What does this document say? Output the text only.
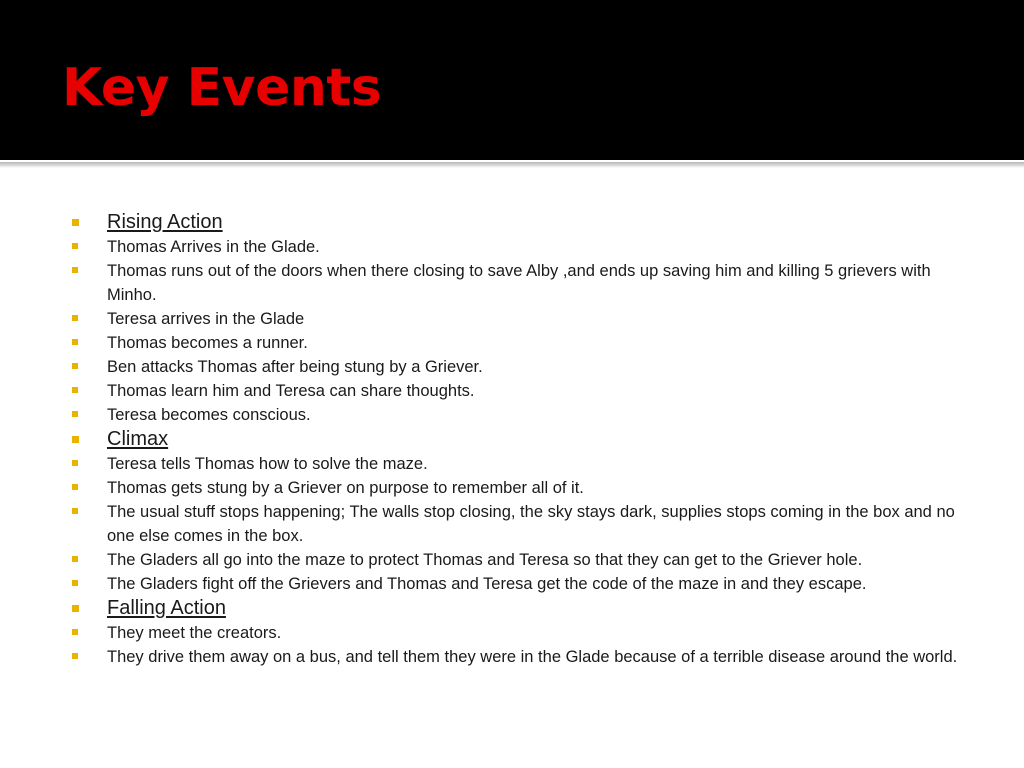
Key Events
Rising Action
Thomas Arrives in the Glade.
Thomas runs out of the doors when there closing to save Alby ,and ends up saving him and killing 5 grievers with Minho.
Teresa arrives in the Glade
Thomas becomes a runner.
Ben attacks Thomas after being stung by a Griever.
Thomas learn him and Teresa can share thoughts.
Teresa becomes conscious.
Climax
Teresa tells Thomas how to solve the maze.
Thomas gets stung by a Griever on purpose to remember all of it.
The usual stuff stops happening; The walls stop closing, the sky stays dark, supplies stops coming in the box and no one else comes in the box.
The Gladers all go into the maze to protect Thomas and Teresa so that they can get to the Griever hole.
The Gladers fight off the Grievers and Thomas and Teresa get the code of the maze in and they escape.
Falling Action
They meet the creators.
They drive them away on a bus, and tell them they were in the Glade because of a terrible disease around the world.
